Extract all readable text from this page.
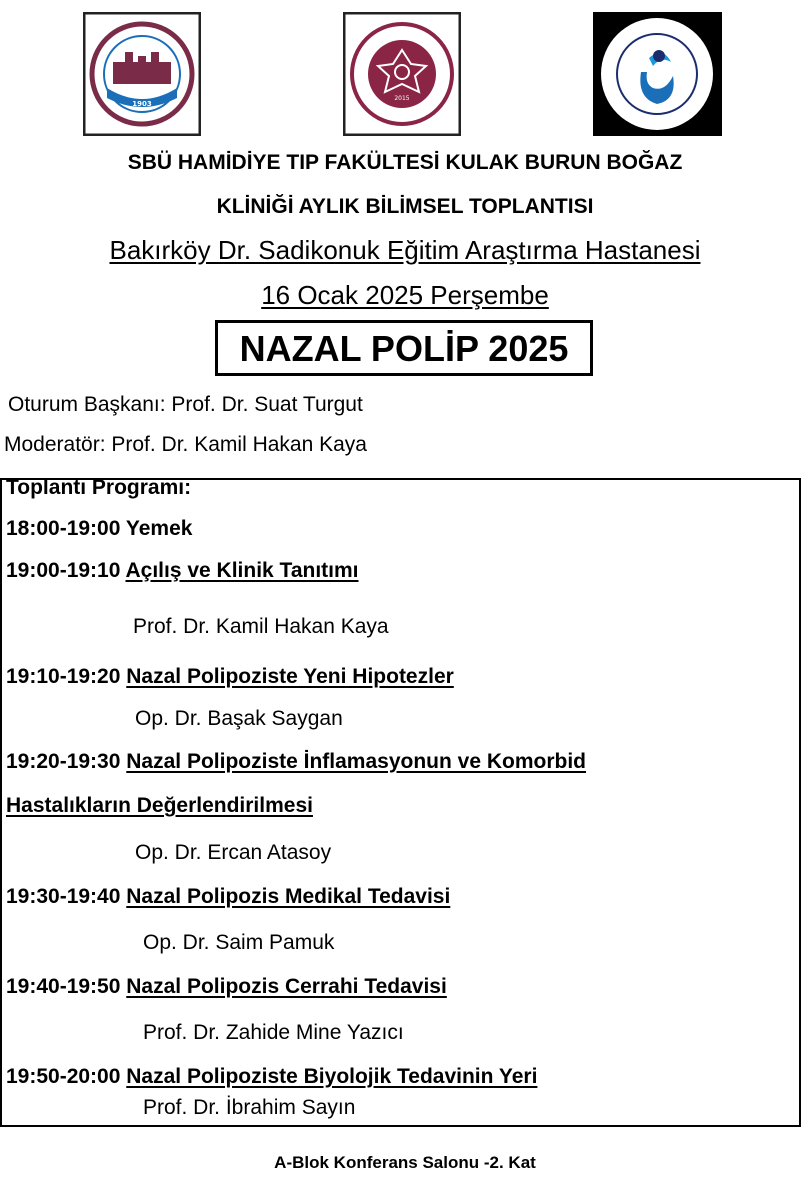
1903
2015
SBÜ HAMİDİYE TIP FAKÜLTESİ KULAK BURUN BOĞAZ
KLİNİĞİ AYLIK BİLİMSEL TOPLANTISI
Bakırköy Dr. Sadikonuk Eğitim Araştırma Hastanesi
16 Ocak 2025 Perşembe
NAZAL POLİP 2025
Oturum Başkanı: Prof. Dr. Suat Turgut
Moderatör: Prof. Dr. Kamil Hakan Kaya
Toplantı Programı:
18:00-19:00 Yemek
19:00-19:10 Açılış ve Klinik Tanıtımı
Prof. Dr. Kamil Hakan Kaya
19:10-19:20 Nazal Polipoziste Yeni Hipotezler
Op. Dr. Başak Saygan
19:20-19:30 Nazal Polipoziste İnflamasyonun ve Komorbid
Hastalıkların Değerlendirilmesi
Op. Dr. Ercan Atasoy
19:30-19:40 Nazal Polipozis Medikal Tedavisi
Op. Dr. Saim Pamuk
19:40-19:50 Nazal Polipozis Cerrahi Tedavisi
Prof. Dr. Zahide Mine Yazıcı
19:50-20:00 Nazal Polipoziste Biyolojik Tedavinin Yeri
Prof. Dr. İbrahim Sayın
A-Blok Konferans Salonu -2. Kat
